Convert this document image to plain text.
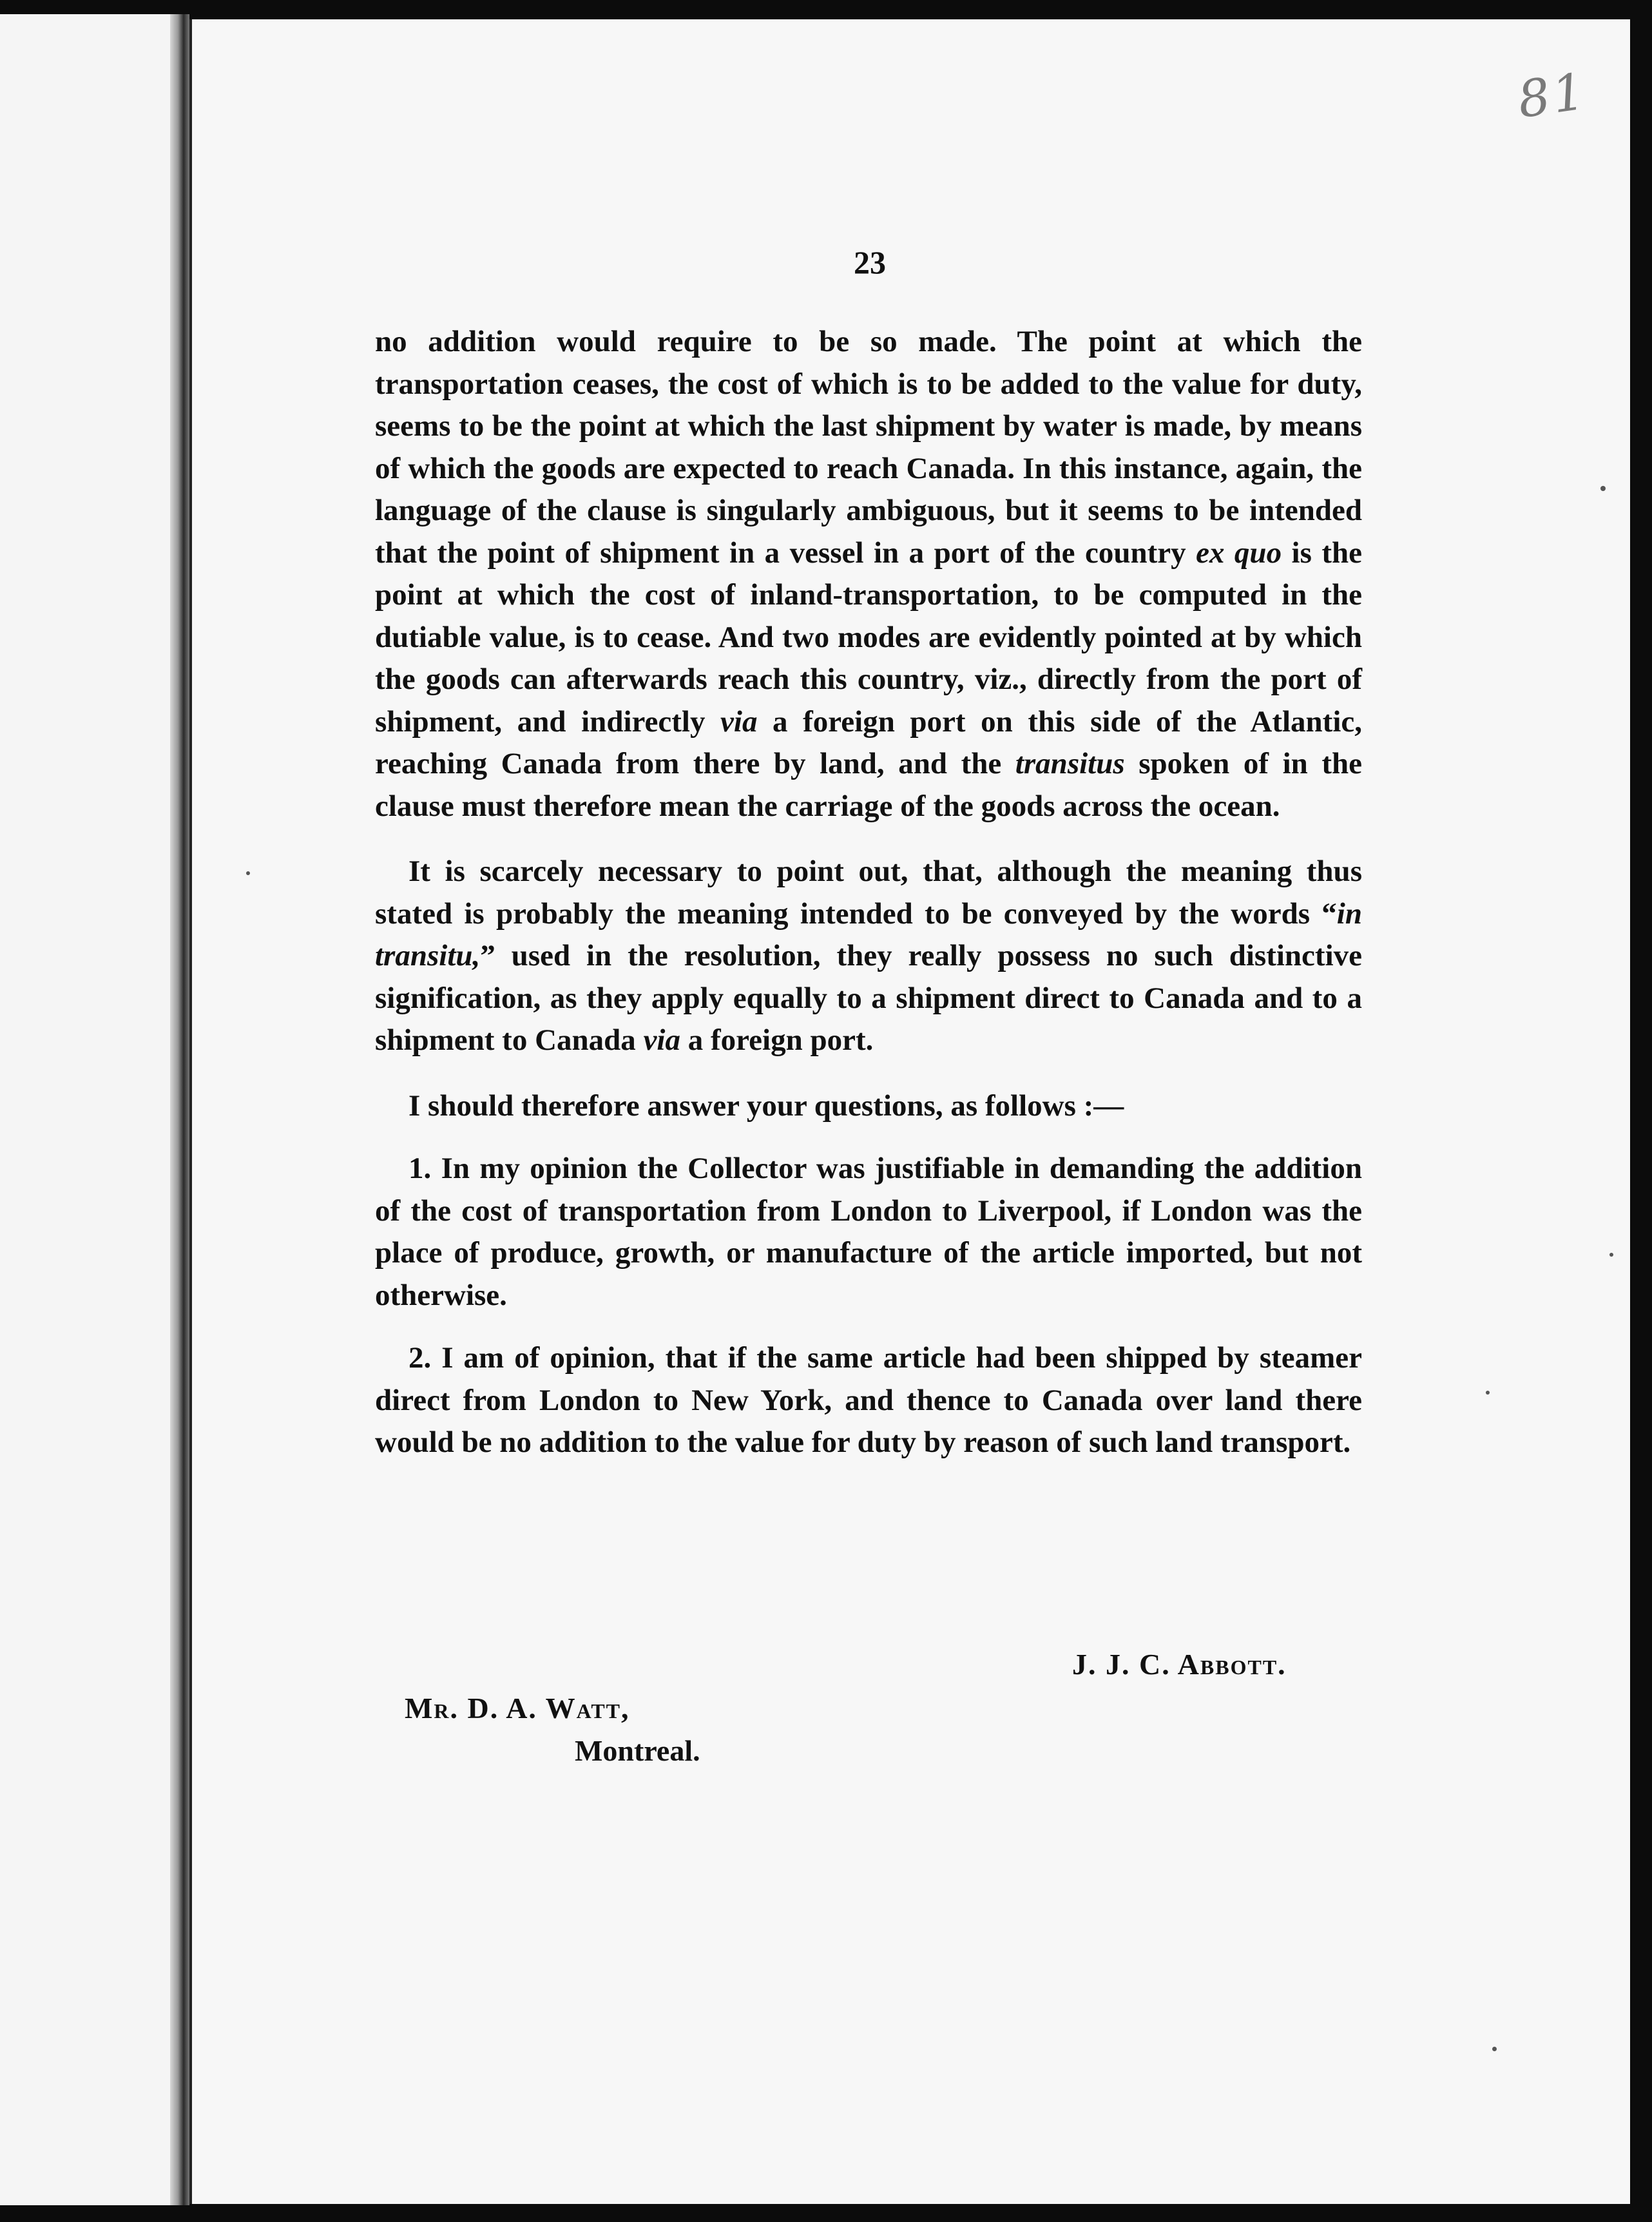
81
23

no addition would require to be so made. The point at which the transportation ceases, the cost of which is to be added to the value for duty, seems to be the point at which the last shipment by water is made, by means of which the goods are expected to reach Canada. In this instance, again, the language of the clause is singularly ambiguous, but it seems to be intended that the point of shipment in a vessel in a port of the country ex quo is the point at which the cost of inland-transportation, to be computed in the dutiable value, is to cease. And two modes are evidently pointed at by which the goods can afterwards reach this country, viz., directly from the port of shipment, and indirectly via a foreign port on this side of the Atlantic, reaching Canada from there by land, and the transitus spoken of in the clause must therefore mean the carriage of the goods across the ocean.

It is scarcely necessary to point out, that, although the meaning thus stated is probably the meaning intended to be conveyed by the words “in transitu,” used in the resolution, they really possess no such distinctive signification, as they apply equally to a shipment direct to Canada and to a shipment to Canada via a foreign port.

I should therefore answer your questions, as follows :—

1. In my opinion the Collector was justifiable in demanding the addition of the cost of transportation from London to Liverpool, if London was the place of produce, growth, or manufacture of the article imported, but not otherwise.

2. I am of opinion, that if the same article had been shipped by steamer direct from London to New York, and thence to Canada over land there would be no addition to the value for duty by reason of such land transport.

J. J. C. Abbott.
Mr. D. A. Watt,
Montreal.
